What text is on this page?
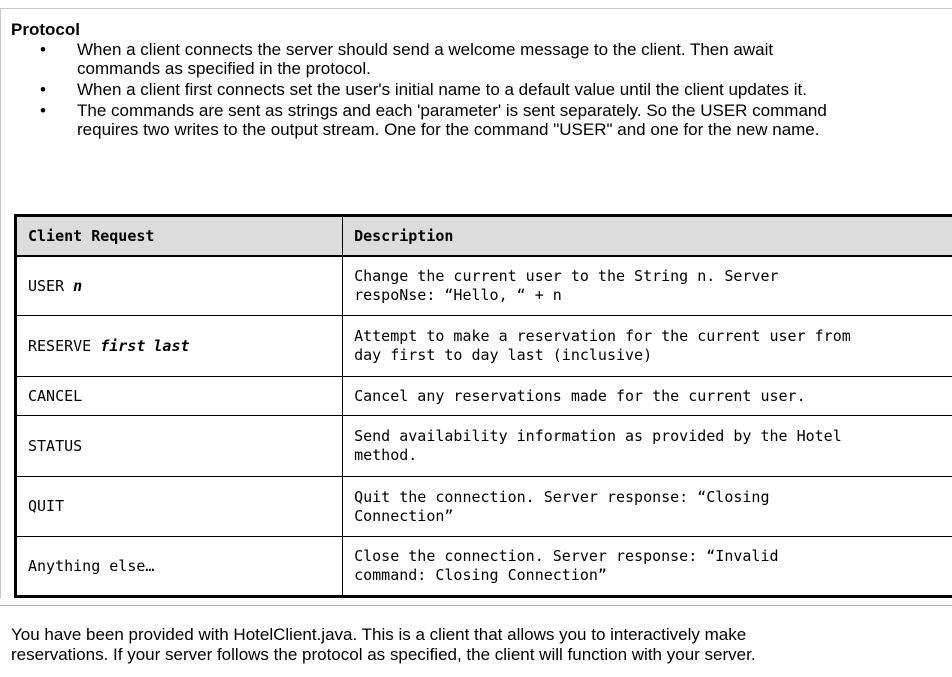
Protocol
• When a client connects the server should send a welcome message to the client. Then await
commands as specified in the protocol.
• When a client first connects set the user's initial name to a default value until the client updates it.
• The commands are sent as strings and each 'parameter' is sent separately. So the USER command
requires two writes to the output stream. One for the command "USER" and one for the new name.
Client Request	Description
USER n	Change the current user to the String n. Server
respoNse: “Hello, “ + n

RESERVE first last	Attempt to make a reservation for the current user from
day first to day last (inclusive)

CANCEL	Cancel any reservations made for the current user.

STATUS	Send availability information as provided by the Hotel
method.

QUIT	Quit the connection. Server response: “Closing
Connection”

Anything else…	Close the connection. Server response: “Invalid
command: Closing Connection”
You have been provided with HotelClient.java. This is a client that allows you to interactively make
reservations. If your server follows the protocol as specified, the client will function with your server.
